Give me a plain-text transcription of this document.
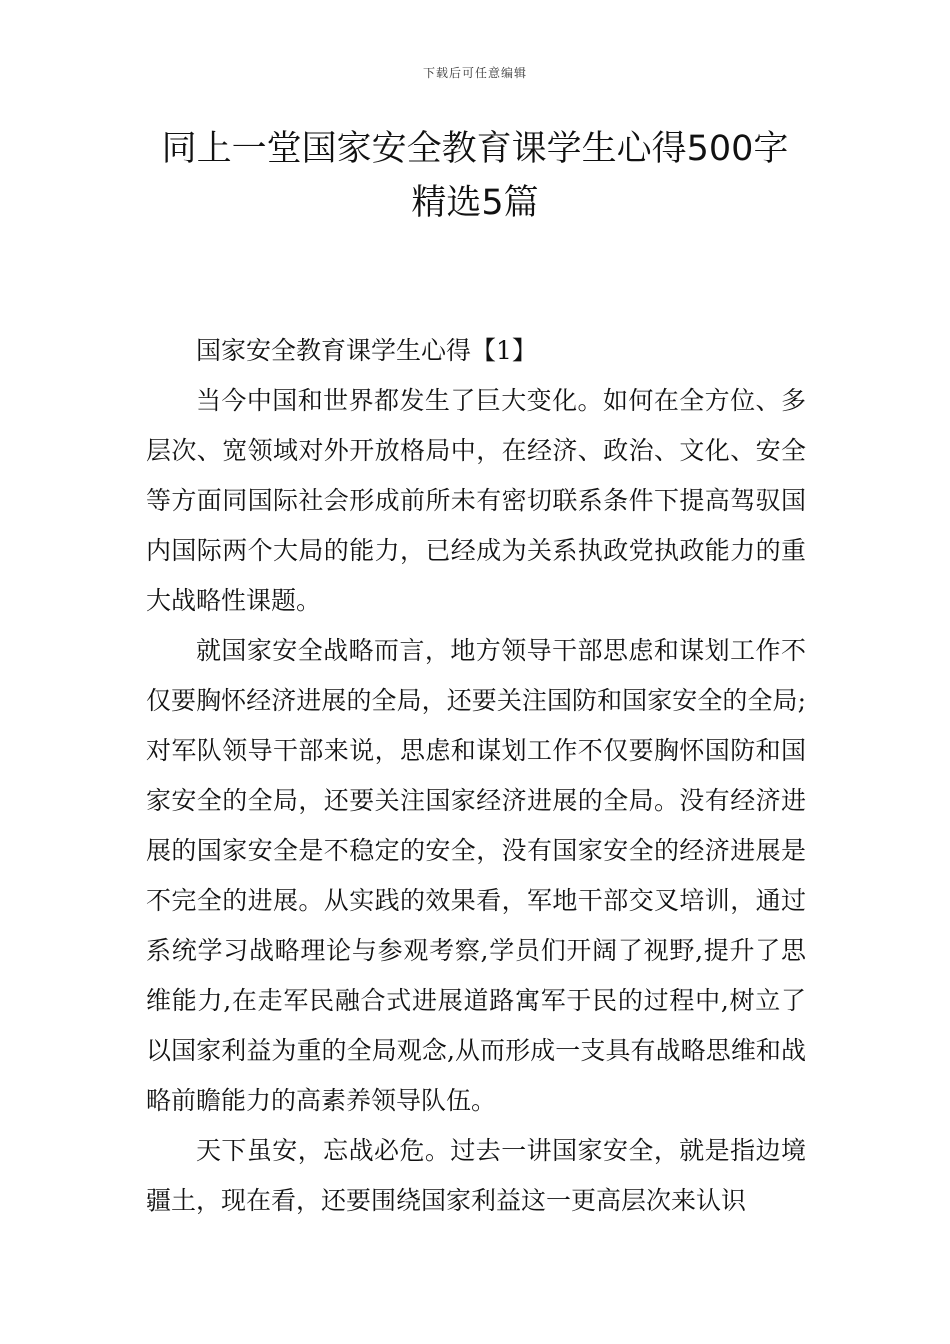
下载后可任意编辑
同上一堂国家安全教育课学生心得500字
精选5篇

国家安全教育课学生心得【1】

当今中国和世界都发生了巨大变化。如何在全方位、多层次、宽领域对外开放格局中，在经济、政治、文化、安全等方面同国际社会形成前所未有密切联系条件下提高驾驭国内国际两个大局的能力，已经成为关系执政党执政能力的重大战略性课题。

就国家安全战略而言，地方领导干部思虑和谋划工作不仅要胸怀经济进展的全局，还要关注国防和国家安全的全局;对军队领导干部来说，思虑和谋划工作不仅要胸怀国防和国家安全的全局，还要关注国家经济进展的全局。没有经济进展的国家安全是不稳定的安全，没有国家安全的经济进展是不完全的进展。从实践的效果看，军地干部交叉培训，通过系统学习战略理论与参观考察,学员们开阔了视野,提升了思维能力,在走军民融合式进展道路寓军于民的过程中,树立了以国家利益为重的全局观念,从而形成一支具有战略思维和战略前瞻能力的高素养领导队伍。

天下虽安，忘战必危。过去一讲国家安全，就是指边境疆土，现在看，还要围绕国家利益这一更高层次来认识
